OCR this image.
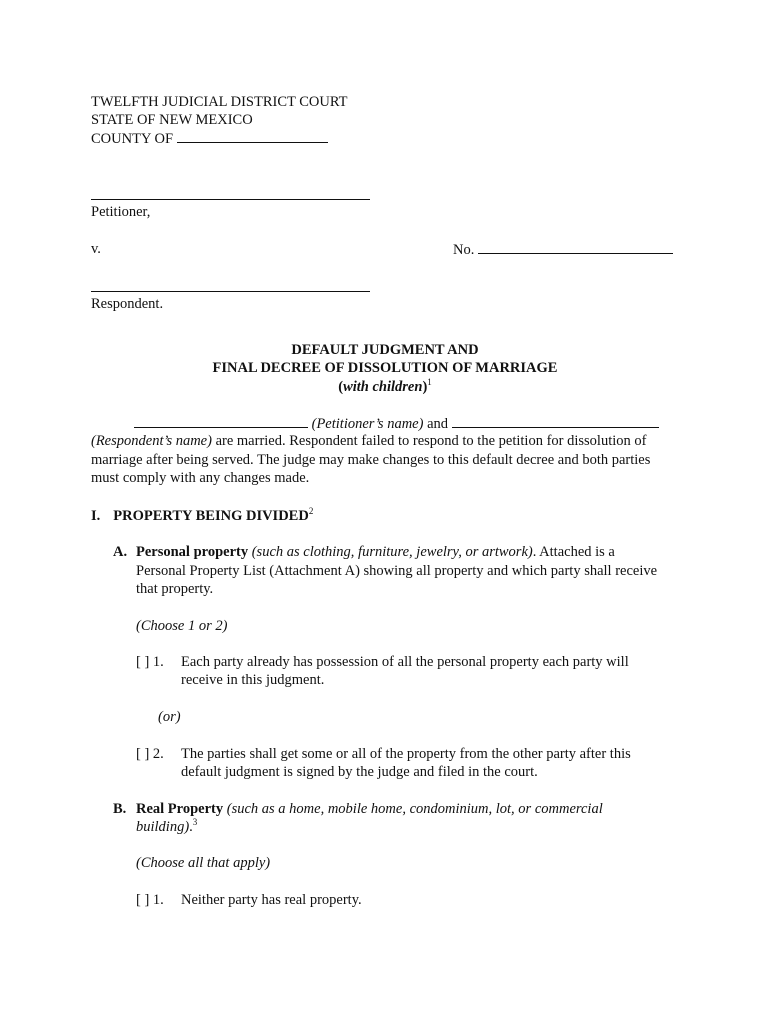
TWELFTH JUDICIAL DISTRICT COURT
STATE OF NEW MEXICO
COUNTY OF
Petitioner,
v.	No.
Respondent.
DEFAULT JUDGMENT AND
FINAL DECREE OF DISSOLUTION OF MARRIAGE
(with children)$^1$
(Petitioner’s name) and
(Respondent’s name) are married. Respondent failed to respond to the petition for dissolution of
marriage after being served. The judge may make changes to this default decree and both parties
must comply with any changes made.
I. PROPERTY BEING DIVIDED$^2$
A. Personal property (such as clothing, furniture, jewelry, or artwork). Attached is a
Personal Property List (Attachment A) showing all property and which party shall receive
that property.
(Choose 1 or 2)
[ ] 1. Each party already has possession of all the personal property each party will
receive in this judgment.
(or)
[ ] 2. The parties shall get some or all of the property from the other party after this
default judgment is signed by the judge and filed in the court.
B. Real Property (such as a home, mobile home, condominium, lot, or commercial
building).$^3$
(Choose all that apply)
[ ] 1. Neither party has real property.
